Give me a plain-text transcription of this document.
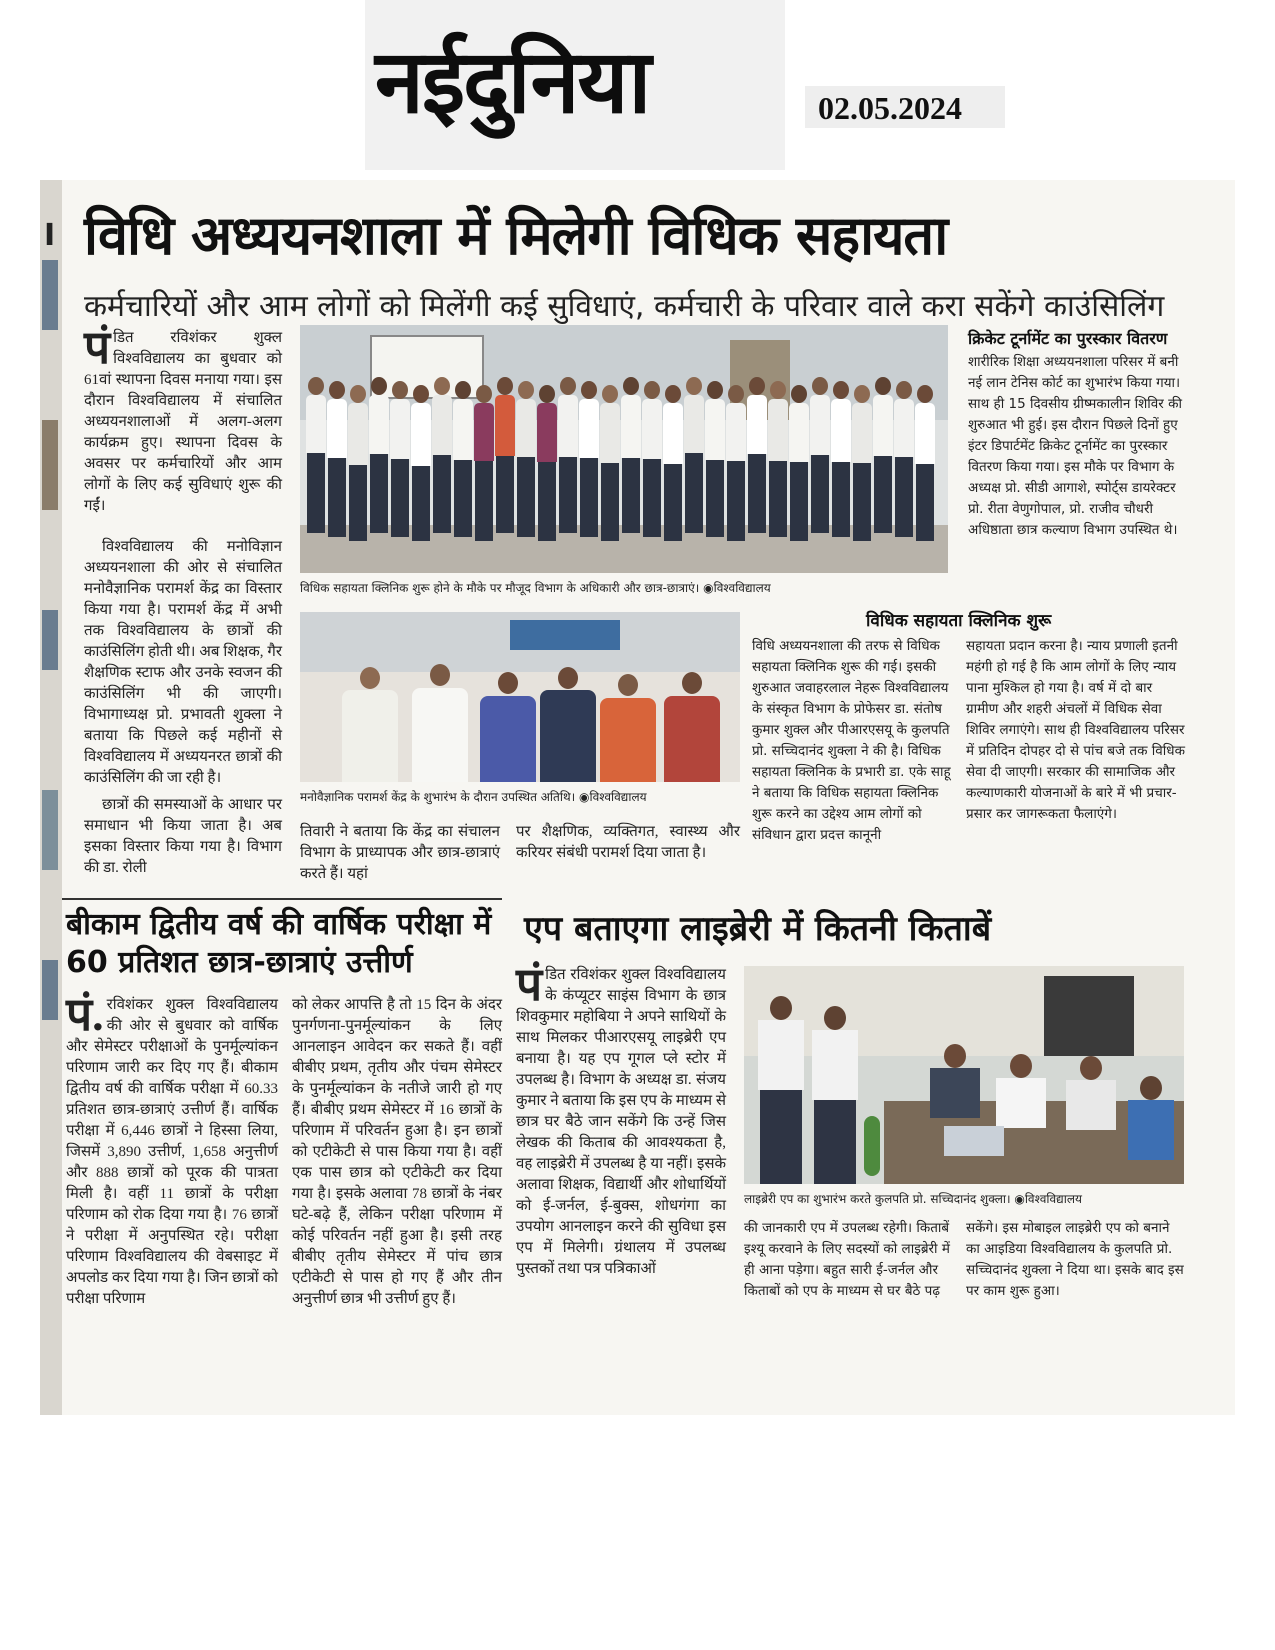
नईदुनिया	02.05.2024
I विधि अध्ययनशाला में मिलेगी विधिक सहायता
कर्मचारियों और आम लोगों को मिलेंगी कई सुविधाएं, कर्मचारी के परिवार वाले करा सकेंगे काउंसिलिंग
पंडित रविशंकर शुक्ल विश्वविद्यालय का बुधवार को 61वां स्थापना दिवस मनाया गया। इस दौरान विश्वविद्यालय में संचालित अध्ययनशालाओं में अलग-अलग कार्यक्रम हुए। स्थापना दिवस के अवसर पर कर्मचारियों और आम लोगों के लिए कई सुविधाएं शुरू की गईं।
विश्वविद्यालय की मनोविज्ञान अध्ययनशाला की ओर से संचालित मनोवैज्ञानिक परामर्श केंद्र का विस्तार किया गया है। परामर्श केंद्र में अभी तक विश्वविद्यालय के छात्रों की काउंसिलिंग होती थी। अब शिक्षक, गैर शैक्षणिक स्टाफ और उनके स्वजन की काउंसिलिंग भी की जाएगी। विभागाध्यक्ष प्रो. प्रभावती शुक्ला ने बताया कि पिछले कई महीनों से विश्वविद्यालय में अध्ययनरत छात्रों की काउंसिलिंग की जा रही है।
छात्रों की समस्याओं के आधार पर समाधान भी किया जाता है। अब इसका विस्तार किया गया है। विभाग की डा. रोली
विधिक सहायता क्लिनिक शुरू होने के मौके पर मौजूद विभाग के अधिकारी और छात्र-छात्राएं। ◉विश्वविद्यालय
मनोवैज्ञानिक परामर्श केंद्र के शुभारंभ के दौरान उपस्थित अतिथि। ◉विश्वविद्यालय
तिवारी ने बताया कि केंद्र का संचालन विभाग के प्राध्यापक और छात्र-छात्राएं करते हैं। यहां
पर शैक्षणिक, व्यक्तिगत, स्वास्थ्य और करियर संबंधी परामर्श दिया जाता है।
क्रिकेट टूर्नामेंट का पुरस्कार वितरण
शारीरिक शिक्षा अध्ययनशाला परिसर में बनी नई लान टेनिस कोर्ट का शुभारंभ किया गया। साथ ही 15 दिवसीय ग्रीष्मकालीन शिविर की शुरुआत भी हुई। इस दौरान पिछले दिनों हुए इंटर डिपार्टमेंट क्रिकेट टूर्नामेंट का पुरस्कार वितरण किया गया। इस मौके पर विभाग के अध्यक्ष प्रो. सीडी आगाशे, स्पोर्ट्स डायरेक्टर प्रो. रीता वेणुगोपाल, प्रो. राजीव चौधरी अधिष्ठाता छात्र कल्याण विभाग उपस्थित थे।
विधिक सहायता क्लिनिक शुरू
विधि अध्ययनशाला की तरफ से विधिक सहायता क्लिनिक शुरू की गई। इसकी शुरुआत जवाहरलाल नेहरू विश्वविद्यालय के संस्कृत विभाग के प्रोफेसर डा. संतोष कुमार शुक्ल और पीआरएसयू के कुलपति प्रो. सच्चिदानंद शुक्ला ने की है। विधिक सहायता क्लिनिक के प्रभारी डा. एके साहू ने बताया कि विधिक सहायता क्लिनिक शुरू करने का उद्देश्य आम लोगों को संविधान द्वारा प्रदत्त कानूनी
सहायता प्रदान करना है। न्याय प्रणाली इतनी महंगी हो गई है कि आम लोगों के लिए न्याय पाना मुश्किल हो गया है। वर्ष में दो बार ग्रामीण और शहरी अंचलों में विधिक सेवा शिविर लगाएंगे। साथ ही विश्वविद्यालय परिसर में प्रतिदिन दोपहर दो से पांच बजे तक विधिक सेवा दी जाएगी। सरकार की सामाजिक और कल्याणकारी योजनाओं के बारे में भी प्रचार-प्रसार कर जागरूकता फैलाएंगे।
बीकाम द्वितीय वर्ष की वार्षिक परीक्षा में 60 प्रतिशत छात्र-छात्राएं उत्तीर्ण
पं.रविशंकर शुक्ल विश्वविद्यालय की ओर से बुधवार को वार्षिक और सेमेस्टर परीक्षाओं के पुनर्मूल्यांकन परिणाम जारी कर दिए गए हैं। बीकाम द्वितीय वर्ष की वार्षिक परीक्षा में 60.33 प्रतिशत छात्र-छात्राएं उत्तीर्ण हैं। वार्षिक परीक्षा में 6,446 छात्रों ने हिस्सा लिया, जिसमें 3,890 उत्तीर्ण, 1,658 अनुत्तीर्ण और 888 छात्रों को पूरक की पात्रता मिली है। वहीं 11 छात्रों के परीक्षा परिणाम को रोक दिया गया है। 76 छात्रों ने परीक्षा में अनुपस्थित रहे। परीक्षा परिणाम विश्वविद्यालय की वेबसाइट में अपलोड कर दिया गया है। जिन छात्रों को परीक्षा परिणाम
को लेकर आपत्ति है तो 15 दिन के अंदर पुनर्गणना-पुनर्मूल्यांकन के लिए आनलाइन आवेदन कर सकते हैं। वहीं बीबीए प्रथम, तृतीय और पंचम सेमेस्टर के पुनर्मूल्यांकन के नतीजे जारी हो गए हैं। बीबीए प्रथम सेमेस्टर में 16 छात्रों के परिणाम में परिवर्तन हुआ है। इन छात्रों को एटीकेटी से पास किया गया है। वहीं एक पास छात्र को एटीकेटी कर दिया गया है। इसके अलावा 78 छात्रों के नंबर घटे-बढ़े हैं, लेकिन परीक्षा परिणाम में कोई परिवर्तन नहीं हुआ है। इसी तरह बीबीए तृतीय सेमेस्टर में पांच छात्र एटीकेटी से पास हो गए हैं और तीन अनुत्तीर्ण छात्र भी उत्तीर्ण हुए हैं।
एप बताएगा लाइब्रेरी में कितनी किताबें
पंडित रविशंकर शुक्ल विश्वविद्यालय के कंप्यूटर साइंस विभाग के छात्र शिवकुमार महोबिया ने अपने साथियों के साथ मिलकर पीआरएसयू लाइब्रेरी एप बनाया है। यह एप गूगल प्ले स्टोर में उपलब्ध है। विभाग के अध्यक्ष डा. संजय कुमार ने बताया कि इस एप के माध्यम से छात्र घर बैठे जान सकेंगे कि उन्हें जिस लेखक की किताब की आवश्यकता है, वह लाइब्रेरी में उपलब्ध है या नहीं। इसके अलावा शिक्षक, विद्यार्थी और शोधार्थियों को ई-जर्नल, ई-बुक्स, शोधगंगा का उपयोग आनलाइन करने की सुविधा इस एप में मिलेगी। ग्रंथालय में उपलब्ध पुस्तकों तथा पत्र पत्रिकाओं
लाइब्रेरी एप का शुभारंभ करते कुलपति प्रो. सच्चिदानंद शुक्ला। ◉विश्वविद्यालय
की जानकारी एप में उपलब्ध रहेगी। किताबें इश्यू करवाने के लिए सदस्यों को लाइब्रेरी में ही आना पड़ेगा। बहुत सारी ई-जर्नल और किताबों को एप के माध्यम से घर बैठे पढ़
सकेंगे। इस मोबाइल लाइब्रेरी एप को बनाने का आइडिया विश्वविद्यालय के कुलपति प्रो. सच्चिदानंद शुक्ला ने दिया था। इसके बाद इस पर काम शुरू हुआ।
